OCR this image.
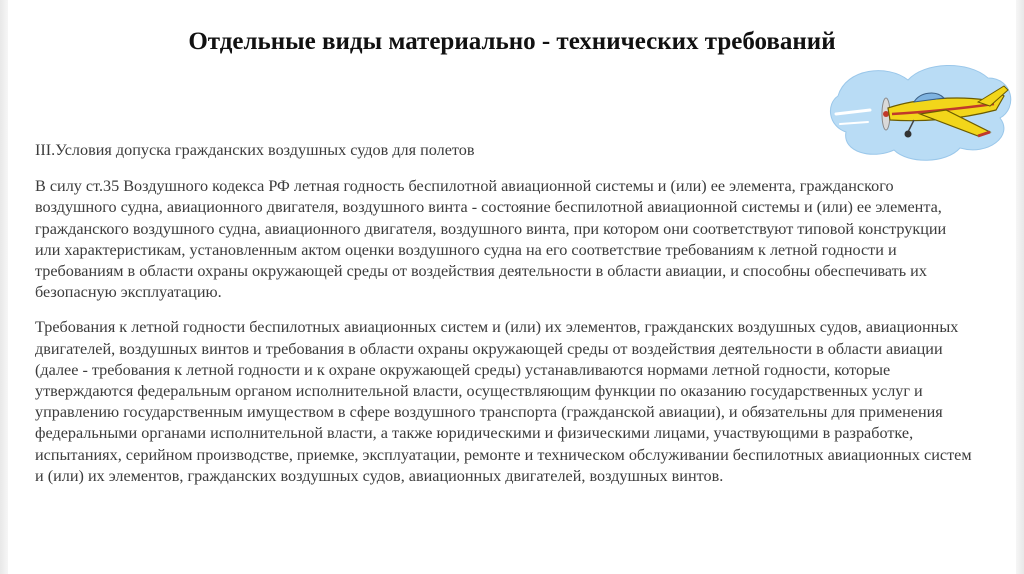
Отдельные виды материально - технических требований

ΙΙΙ.Условия допуска гражданских воздушных судов для полетов

В силу ст.35 Воздушного кодекса РФ летная годность беспилотной авиационной системы и (или) ее элемента, гражданского воздушного судна, авиационного двигателя, воздушного винта - состояние беспилотной авиационной системы и (или) ее элемента, гражданского воздушного судна, авиационного двигателя, воздушного винта, при котором они соответствуют типовой конструкции или характеристикам, установленным актом оценки воздушного судна на его соответствие требованиям к летной годности и требованиям в области охраны окружающей среды от воздействия деятельности в области авиации, и способны обеспечивать их безопасную эксплуатацию.

Требования к летной годности беспилотных авиационных систем и (или) их элементов, гражданских воздушных судов, авиационных двигателей, воздушных винтов и требования в области охраны окружающей среды от воздействия деятельности в области авиации (далее - требования к летной годности и к охране окружающей среды) устанавливаются нормами летной годности, которые утверждаются федеральным органом исполнительной власти, осуществляющим функции по оказанию государственных услуг и управлению государственным имуществом в сфере воздушного транспорта (гражданской авиации), и обязательны для применения федеральными органами исполнительной власти, а также юридическими и физическими лицами, участвующими в разработке, испытаниях, серийном производстве, приемке, эксплуатации, ремонте и техническом обслуживании беспилотных авиационных систем и (или) их элементов, гражданских воздушных судов, авиационных двигателей, воздушных винтов.
